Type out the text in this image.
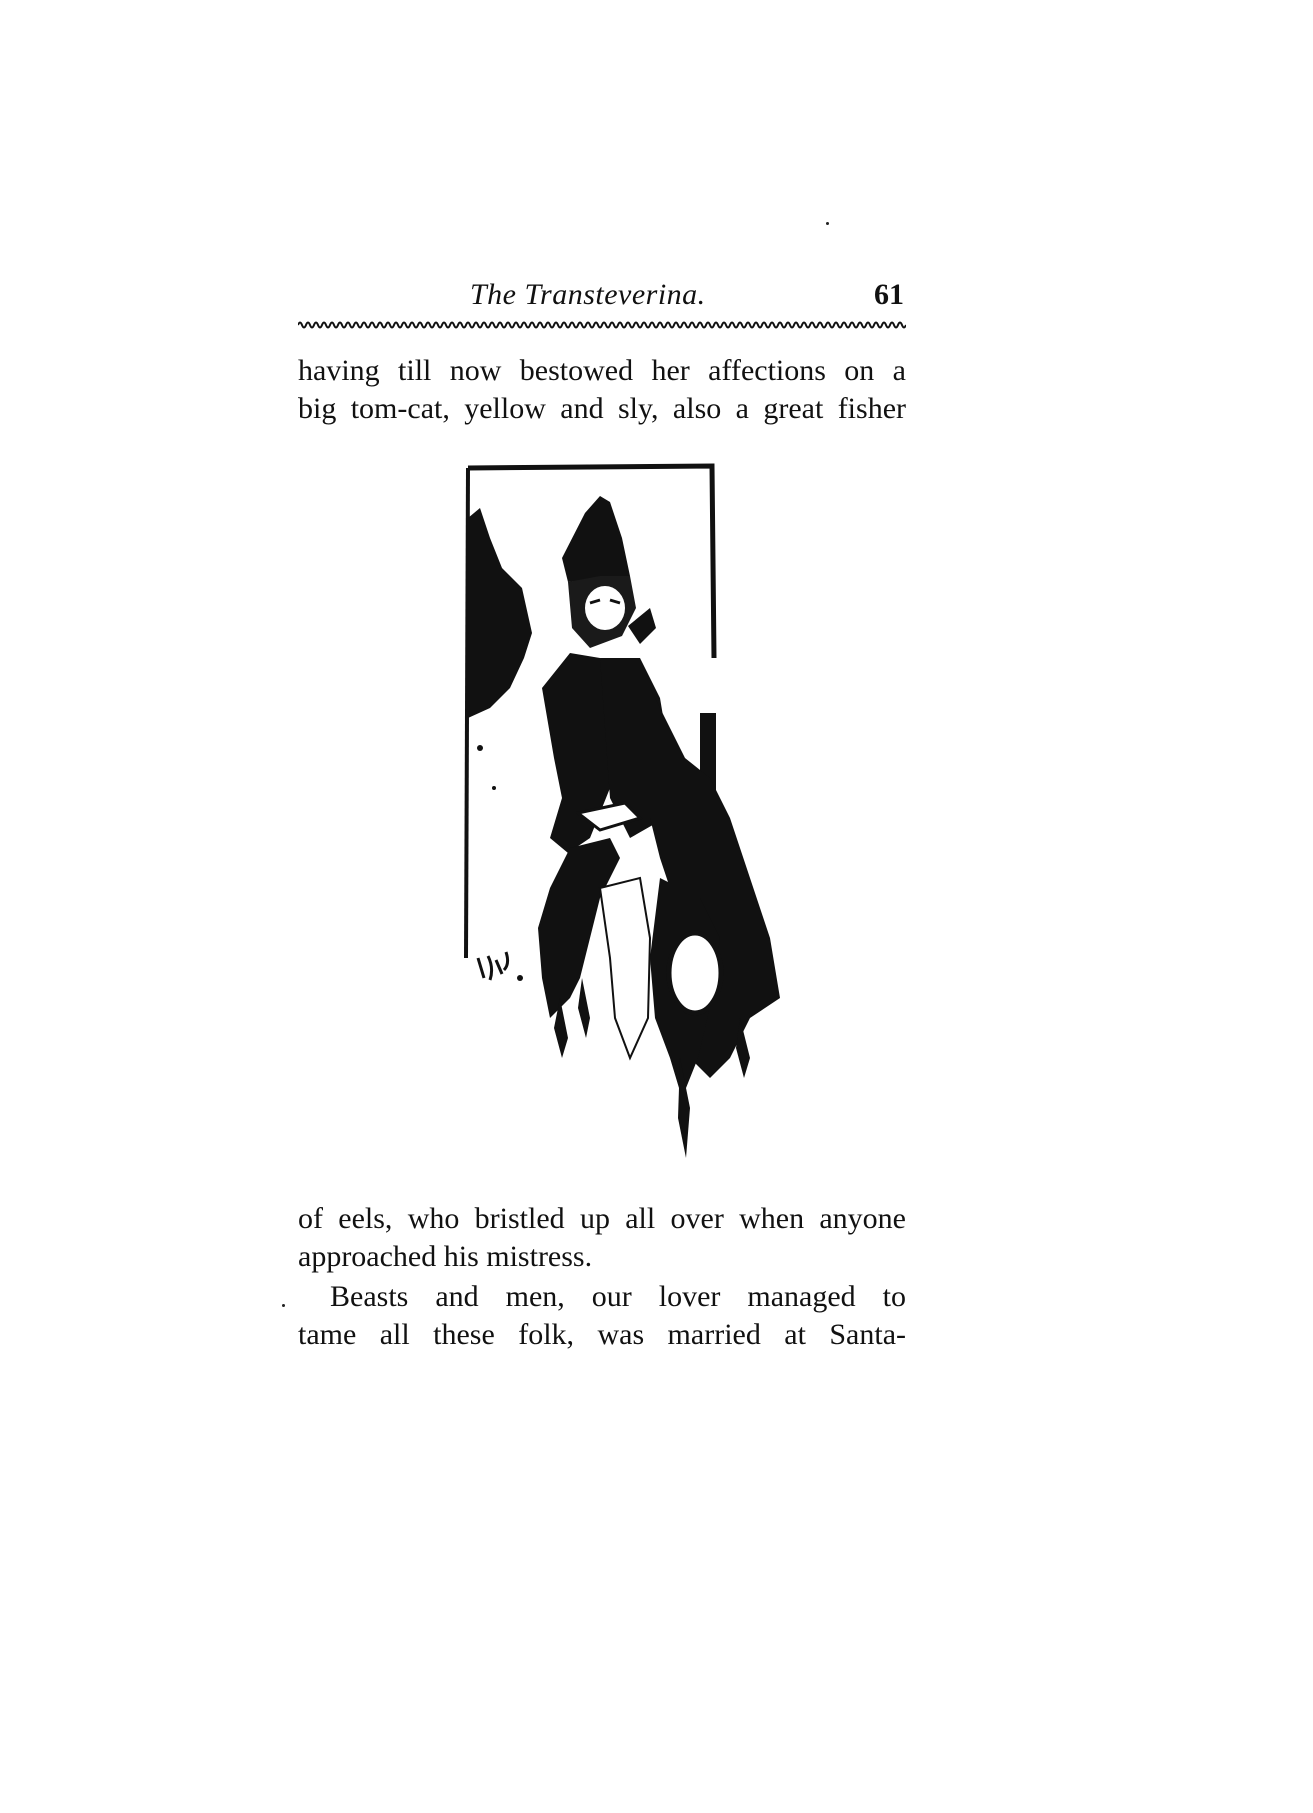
The Transteverina.	61
having till now bestowed her affections on a
big tom-cat, yellow and sly, also a great fisher
of eels, who bristled up all over when anyone
approached his mistress.
Beasts and men, our lover managed to
tame all these folk, was married at Santa-
